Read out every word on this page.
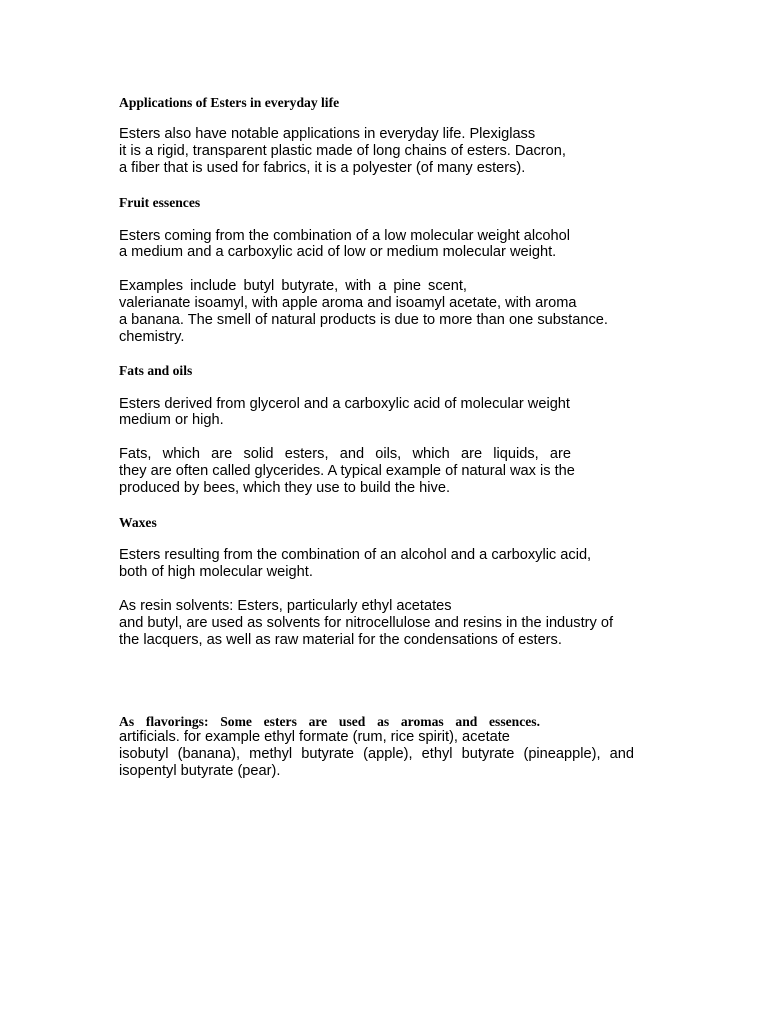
Applications of Esters in everyday life
Esters also have notable applications in everyday life. Plexiglass
it is a rigid, transparent plastic made of long chains of esters. Dacron,
a fiber that is used for fabrics, it is a polyester (of many esters).
Fruit essences
Esters coming from the combination of a low molecular weight alcohol
a medium and a carboxylic acid of low or medium molecular weight.
Examples include butyl butyrate, with a pine scent,
valerianate isoamyl, with apple aroma and isoamyl acetate, with aroma
a banana. The smell of natural products is due to more than one substance.
chemistry.
Fats and oils
Esters derived from glycerol and a carboxylic acid of molecular weight
medium or high.
Fats, which are solid esters, and oils, which are liquids, are
they are often called glycerides. A typical example of natural wax is the
produced by bees, which they use to build the hive.
Waxes
Esters resulting from the combination of an alcohol and a carboxylic acid,
both of high molecular weight.
As resin solvents: Esters, particularly ethyl acetates
and butyl, are used as solvents for nitrocellulose and resins in the industry of
the lacquers, as well as raw material for the condensations of esters.
As flavorings: Some esters are used as aromas and essences.
artificials. for example ethyl formate (rum, rice spirit), acetate
isobutyl (banana), methyl butyrate (apple), ethyl butyrate (pineapple), and
isopentyl butyrate (pear).
